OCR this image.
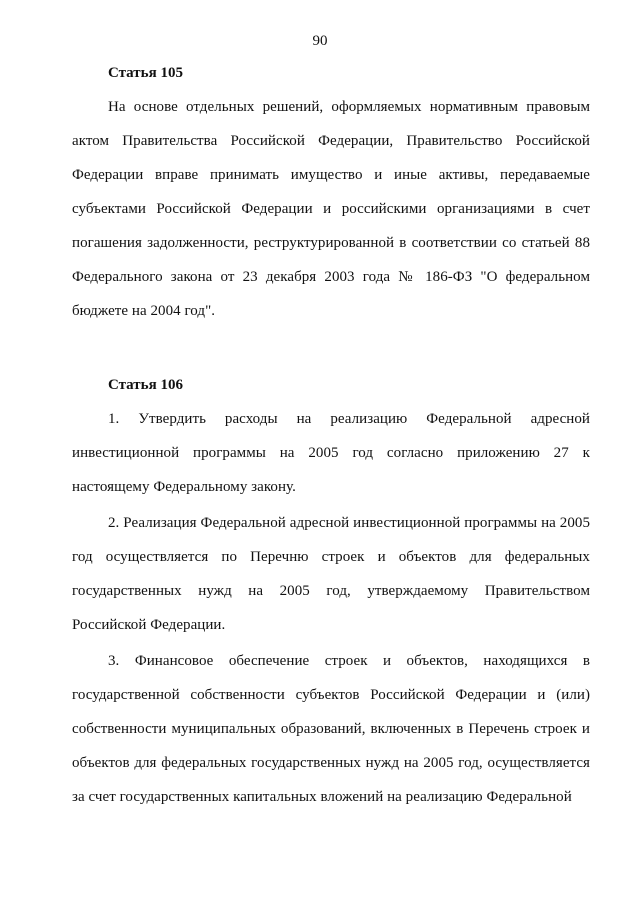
90
Статья 105

На основе отдельных решений, оформляемых нормативным правовым актом Правительства Российской Федерации, Правительство Российской Федерации вправе принимать имущество и иные активы, передаваемые субъектами Российской Федерации и российскими организациями в счет погашения задолженности, реструктурированной в соответствии со статьей 88 Федерального закона от 23 декабря 2003 года № 186-ФЗ "О федеральном бюджете на 2004 год".

Статья 106

1. Утвердить расходы на реализацию Федеральной адресной инвестиционной программы на 2005 год согласно приложению 27 к настоящему Федеральному закону.

2. Реализация Федеральной адресной инвестиционной программы на 2005 год осуществляется по Перечню строек и объектов для федеральных государственных нужд на 2005 год, утверждаемому Правительством Российской Федерации.

3. Финансовое обеспечение строек и объектов, находящихся в государственной собственности субъектов Российской Федерации и (или) собственности муниципальных образований, включенных в Перечень строек и объектов для федеральных государственных нужд на 2005 год, осуществляется за счет государственных капитальных вложений на реализацию Федеральной
